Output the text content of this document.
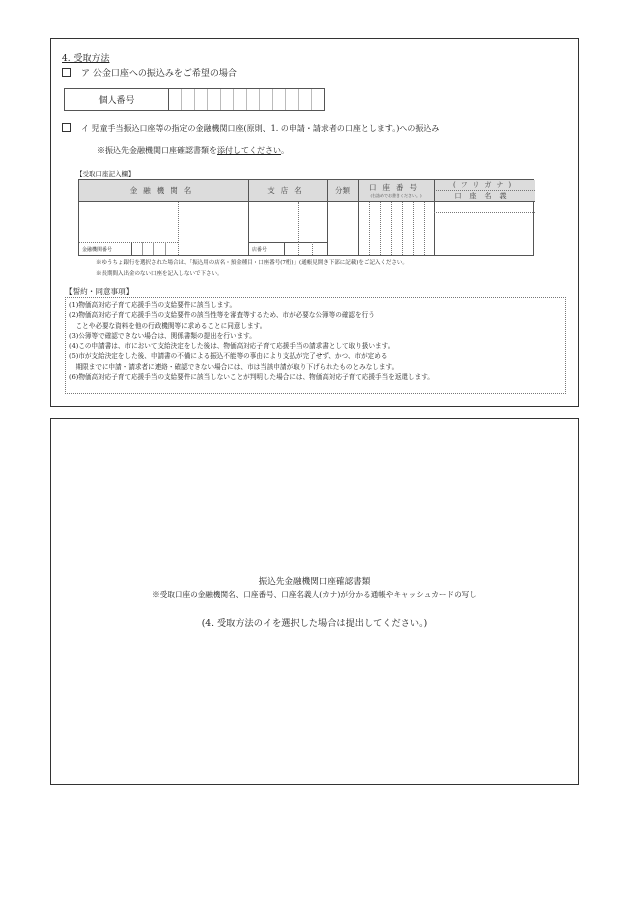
4. 受取方法
ア 公金口座への振込みをご希望の場合
個人番号
イ 児童手当振込口座等の指定の金融機関口座(原則、1. の申請・請求者の口座とします。)への振込み
※振込先金融機関口座確認書類を添付してください。
【受取口座記入欄】
金融機関名	支店名	分類	口座番号
(右詰めでお書きください。)
(フリガナ)
口座名義
金融機関番号	店番号
※ゆうちょ銀行を選択された場合は、「振込用の店名・預金種目・口座番号(7桁)」(通帳見開き下部に記載)をご記入ください。
※長期間入出金のない口座を記入しないで下さい。
【誓約・同意事項】
(1)物価高対応子育て応援手当の支給要件に該当します。
(2)物価高対応子育て応援手当の支給要件の該当性等を審査等するため、市が必要な公簿等の確認を行う
　ことや必要な資料を他の行政機関等に求めることに同意します。
(3)公簿等で確認できない場合は、関係書類の提出を行います。
(4)この申請書は、市において支給決定をした後は、物価高対応子育て応援手当の請求書として取り扱います。
(5)市が支給決定をした後、申請書の不備による振込不能等の事由により支払が完了せず、かつ、市が定める
　期限までに申請・請求者に連絡・確認できない場合には、市は当該申請が取り下げられたものとみなします。
(6)物価高対応子育て応援手当の支給要件に該当しないことが判明した場合には、物価高対応子育て応援手当を返還します。
振込先金融機関口座確認書類
※受取口座の金融機関名、口座番号、口座名義人(カナ)が分かる通帳やキャッシュカードの写し
(4. 受取方法のイを選択した場合は提出してください。)
